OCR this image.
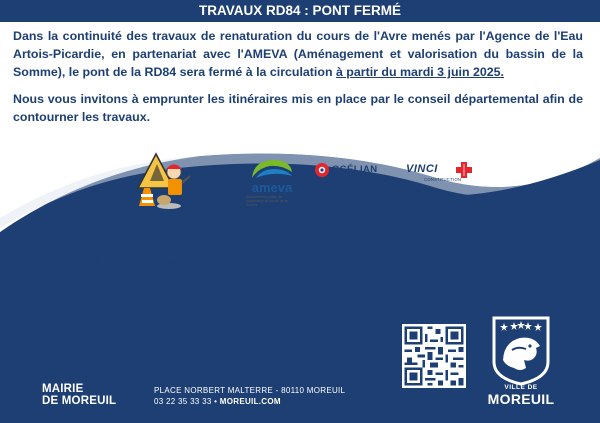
TRAVAUX RD84 : PONT FERMÉ

Dans la continuité des travaux de renaturation du cours de l'Avre menés par l'Agence de l'Eau Artois-Picardie, en partenariat avec l'AMEVA (Aménagement et valorisation du bassin de la Somme), le pont de la RD84 sera fermé à la circulation à partir du mardi 3 juin 2025.

Nous vous invitons à emprunter les itinéraires mis en place par le conseil départemental afin de contourner les travaux.

ameva
Établissement public de coopération du bassin de la Somme
OCÉLIAN	VINCI
CONSTRUCTION
Vous remerciant de votre compréhension,
L'Équipe Municipale.
MAIRIE
DE MOREUIL
PLACE NORBERT MALTERRE - 80110 MOREUIL
03 22 35 33 33 • MOREUIL.COM
VILLE DE
MOREUIL
